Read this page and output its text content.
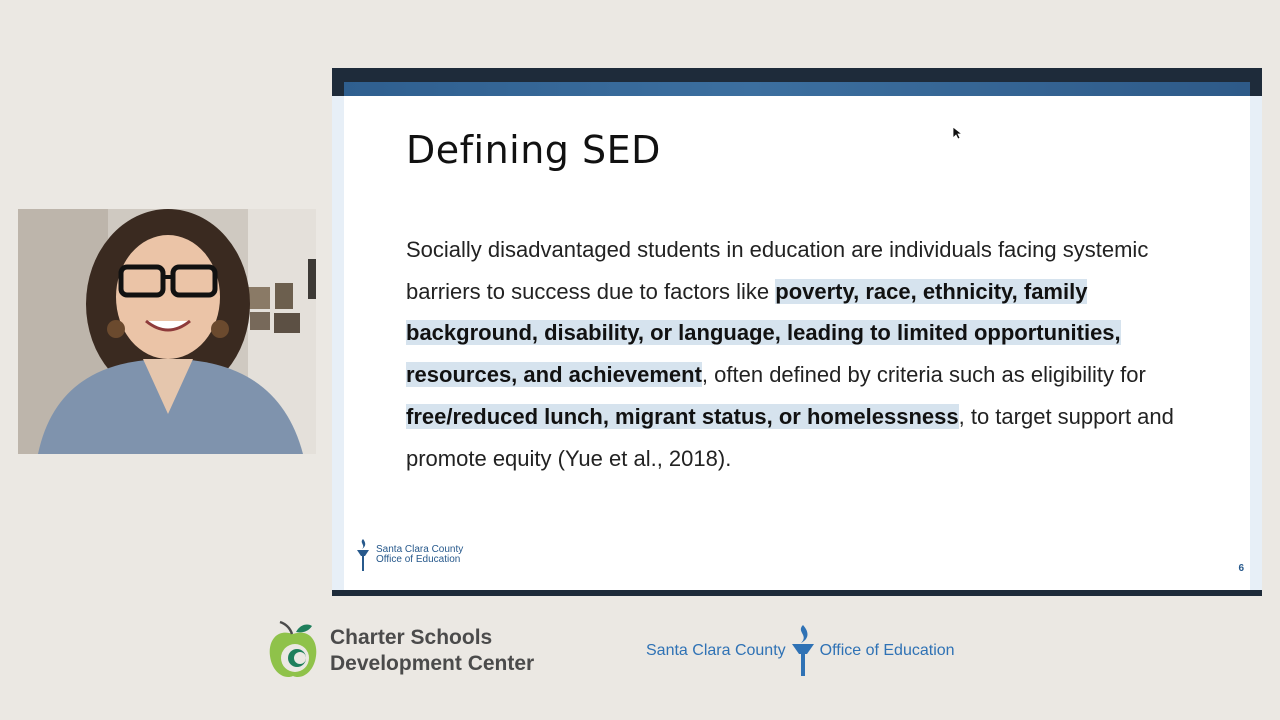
Defining SED

Socially disadvantaged students in education are individuals facing systemic barriers to success due to factors like poverty, race, ethnicity, family background, disability, or language, leading to limited opportunities, resources, and achievement, often defined by criteria such as eligibility for free/reduced lunch, migrant status, or homelessness, to target support and promote equity (Yue et al., 2018).

Santa Clara County
Office of Education
6
Charter Schools
Development Center
Santa Clara County Office of Education
